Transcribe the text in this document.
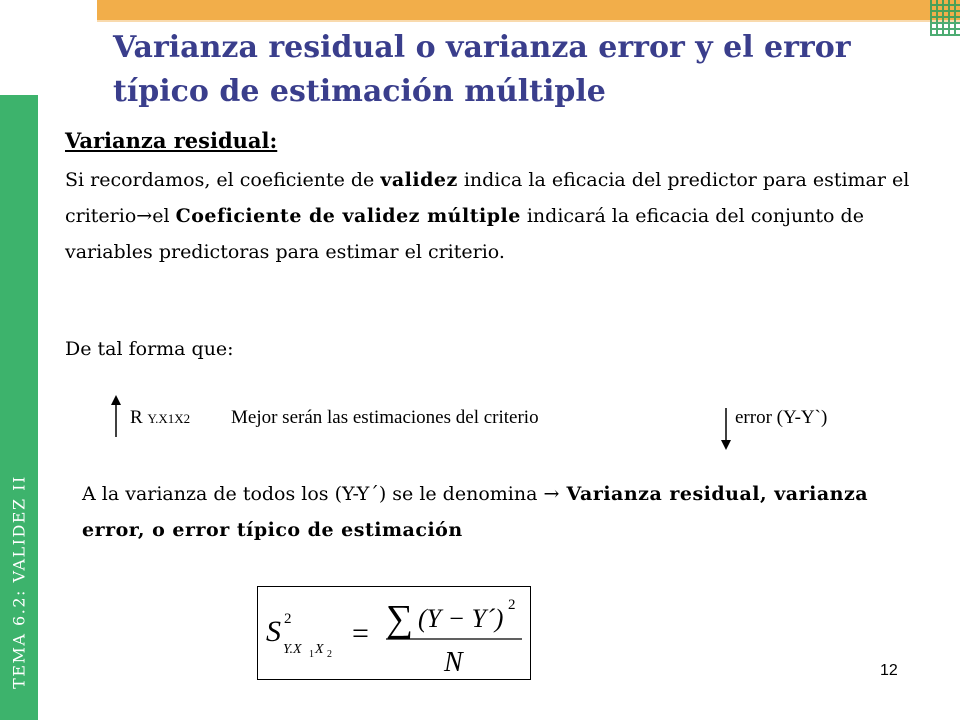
TEMA 6.2: VALIDEZ II
Varianza residual o varianza error y el error típico de estimación múltiple
Varianza residual:
Si recordamos, el coeficiente de validez indica la eficacia del predictor para estimar el criterio→el Coeficiente de validez múltiple indicará la eficacia del conjunto de variables predictoras para estimar el criterio.
De tal forma que:
R Y.X1X2 Mejor serán las estimaciones del criterio	error (Y-Y`)
A la varianza de todos los (Y-Y´) se le denomina → Varianza residual, varianza error, o error típico de estimación
S 2
Y.X 1 X 2
= ∑ (Y − Y´) 2
N	12
